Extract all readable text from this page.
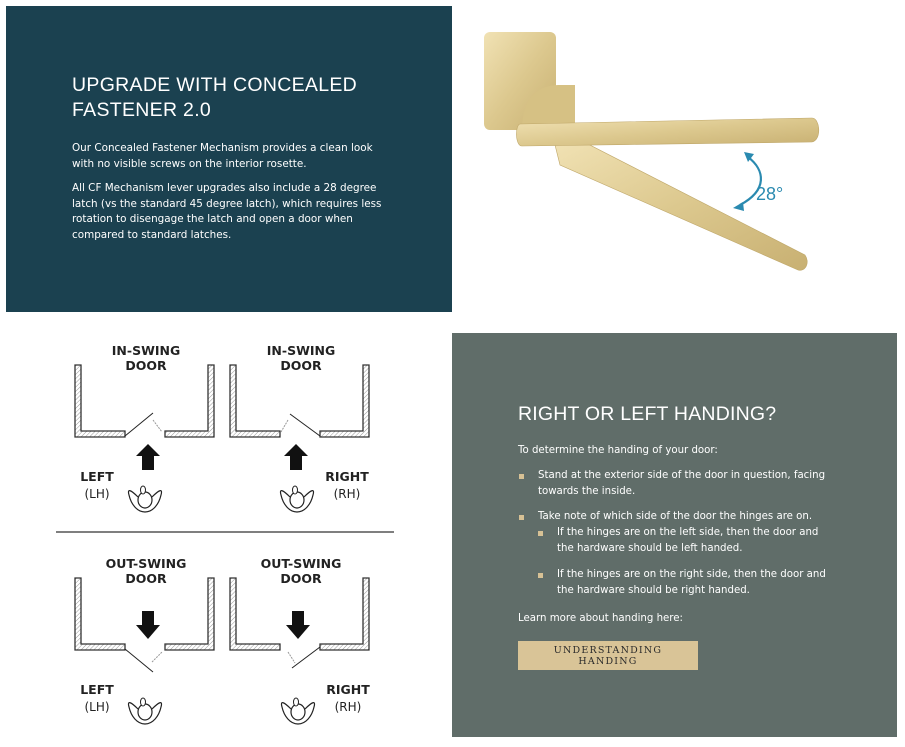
UPGRADE WITH CONCEALED FASTENER 2.0

Our Concealed Fastener Mechanism provides a clean look with no visible screws on the interior rosette.

All CF Mechanism lever upgrades also include a 28 degree latch (vs the standard 45 degree latch), which requires less rotation to disengage the latch and open a door when compared to standard latches.

28°
IN-SWING
DOOR
LEFT
(LH)
IN-SWING
DOOR
RIGHT
(RH)
OUT-SWING
DOOR
LEFT
(LH)
OUT-SWING
DOOR
RIGHT
(RH)
RIGHT OR LEFT HANDING?
To determine the handing of your door:
Stand at the exterior side of the door in question, facing towards the inside.
Take note of which side of the door the hinges are on.
If the hinges are on the left side, then the door and the hardware should be left handed.
If the hinges are on the right side, then the door and the hardware should be right handed.
Learn more about handing here:
UNDERSTANDING HANDING
